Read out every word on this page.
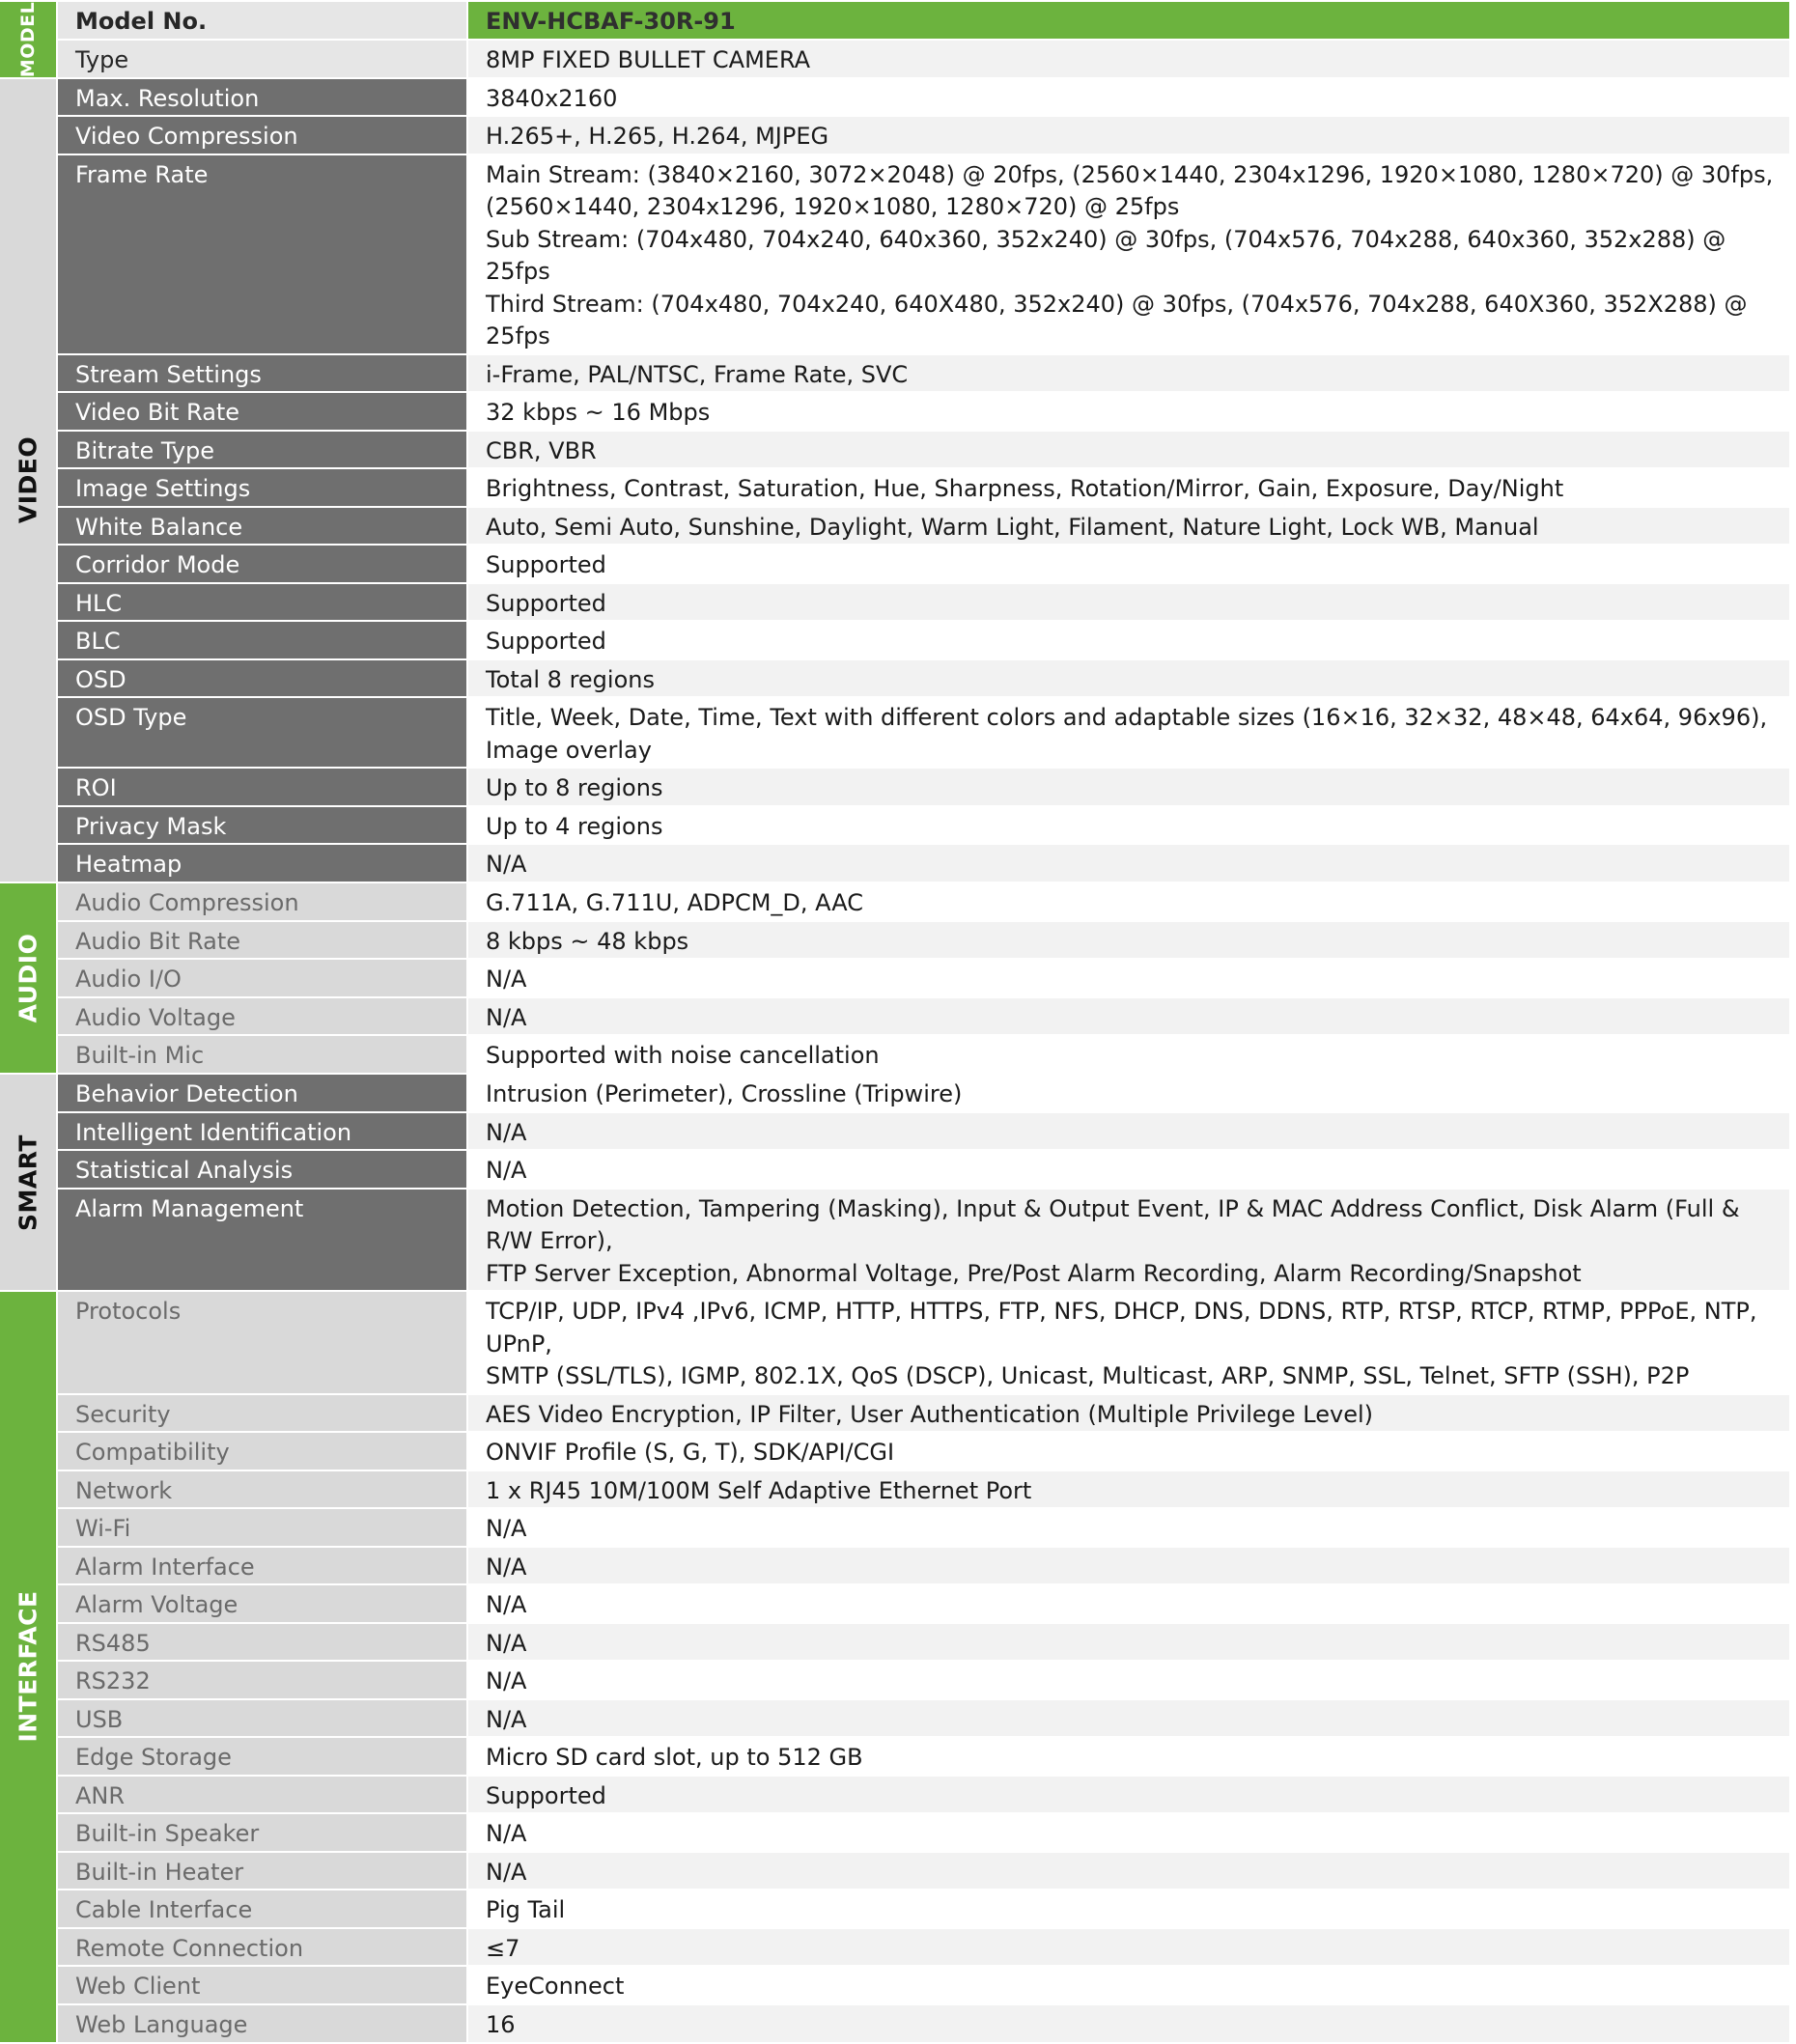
MODEL	Model No.	ENV-HCBAF-30R-91
Type	8MP FIXED BULLET CAMERA
VIDEO
Max. Resolution	3840x2160
Video Compression	H.265+, H.265, H.264, MJPEG
Frame Rate	Main Stream: (3840×2160, 3072×2048) @ 20fps, (2560×1440, 2304x1296, 1920×1080, 1280×720) @ 30fps,
(2560×1440, 2304x1296, 1920×1080, 1280×720) @ 25fps
Sub Stream: (704x480, 704x240, 640x360, 352x240) @ 30fps, (704x576, 704x288, 640x360, 352x288) @ 25fps
Third Stream: (704x480, 704x240, 640X480, 352x240) @ 30fps, (704x576, 704x288, 640X360, 352X288) @ 25fps
Stream Settings	i-Frame, PAL/NTSC, Frame Rate, SVC
Video Bit Rate	32 kbps ~ 16 Mbps
Bitrate Type	CBR, VBR
Image Settings	Brightness, Contrast, Saturation, Hue, Sharpness, Rotation/Mirror, Gain, Exposure, Day/Night
White Balance	Auto, Semi Auto, Sunshine, Daylight, Warm Light, Filament, Nature Light, Lock WB, Manual
Corridor Mode	Supported
HLC	Supported
BLC	Supported
OSD	Total 8 regions
OSD Type	Title, Week, Date, Time, Text with different colors and adaptable sizes (16×16, 32×32, 48×48, 64x64, 96x96),
Image overlay
ROI	Up to 8 regions
Privacy Mask	Up to 4 regions
Heatmap	N/A
AUDIO
Audio Compression	G.711A, G.711U, ADPCM_D, AAC
Audio Bit Rate	8 kbps ~ 48 kbps
Audio I/O	N/A
Audio Voltage	N/A
Built-in Mic	Supported with noise cancellation
SMART
Behavior Detection	Intrusion (Perimeter), Crossline (Tripwire)
Intelligent Identification	N/A
Statistical Analysis	N/A
Alarm Management	Motion Detection, Tampering (Masking), Input & Output Event, IP & MAC Address Conflict, Disk Alarm (Full & R/W Error),
FTP Server Exception, Abnormal Voltage, Pre/Post Alarm Recording, Alarm Recording/Snapshot
INTERFACE
Protocols	TCP/IP, UDP, IPv4 ,IPv6, ICMP, HTTP, HTTPS, FTP, NFS, DHCP, DNS, DDNS, RTP, RTSP, RTCP, RTMP, PPPoE, NTP, UPnP,
SMTP (SSL/TLS), IGMP, 802.1X, QoS (DSCP), Unicast, Multicast, ARP, SNMP, SSL, Telnet, SFTP (SSH), P2P
Security	AES Video Encryption, IP Filter, User Authentication (Multiple Privilege Level)
Compatibility	ONVIF Profile (S, G, T), SDK/API/CGI
Network	1 x RJ45 10M/100M Self Adaptive Ethernet Port
Wi-Fi	N/A
Alarm Interface	N/A
Alarm Voltage	N/A
RS485	N/A
RS232	N/A
USB	N/A
Edge Storage	Micro SD card slot, up to 512 GB
ANR	Supported
Built-in Speaker	N/A
Built-in Heater	N/A
Cable Interface	Pig Tail
Remote Connection	≤7
Web Client	EyeConnect
Web Language	16
